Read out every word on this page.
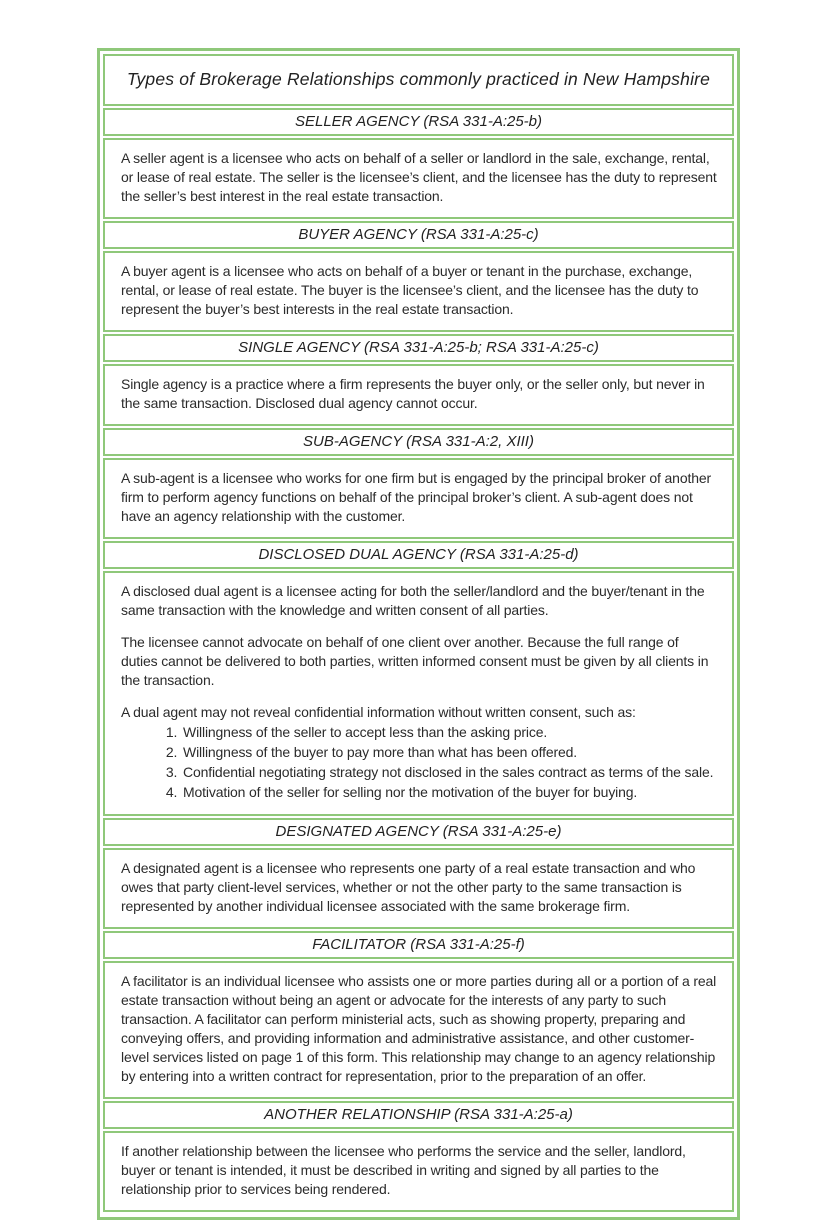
Types of Brokerage Relationships commonly practiced in New Hampshire
SELLER AGENCY (RSA 331-A:25-b)

A seller agent is a licensee who acts on behalf of a seller or landlord in the sale, exchange, rental, or lease of real estate. The seller is the licensee’s client, and the licensee has the duty to represent the seller’s best interest in the real estate transaction.

BUYER AGENCY (RSA 331-A:25-c)

A buyer agent is a licensee who acts on behalf of a buyer or tenant in the purchase, exchange, rental, or lease of real estate. The buyer is the licensee’s client, and the licensee has the duty to represent the buyer’s best interests in the real estate transaction.

SINGLE AGENCY (RSA 331-A:25-b; RSA 331-A:25-c)

Single agency is a practice where a firm represents the buyer only, or the seller only, but never in the same transaction. Disclosed dual agency cannot occur.

SUB-AGENCY (RSA 331-A:2, XIII)

A sub-agent is a licensee who works for one firm but is engaged by the principal broker of another firm to perform agency functions on behalf of the principal broker’s client. A sub-agent does not have an agency relationship with the customer.

DISCLOSED DUAL AGENCY (RSA 331-A:25-d)

A disclosed dual agent is a licensee acting for both the seller/landlord and the buyer/tenant in the same transaction with the knowledge and written consent of all parties.

The licensee cannot advocate on behalf of one client over another. Because the full range of duties cannot be delivered to both parties, written informed consent must be given by all clients in the transaction.

A dual agent may not reveal confidential information without written consent, such as:

1. Willingness of the seller to accept less than the asking price.
2. Willingness of the buyer to pay more than what has been offered.
3. Confidential negotiating strategy not disclosed in the sales contract as terms of the sale.
4. Motivation of the seller for selling nor the motivation of the buyer for buying.
DESIGNATED AGENCY (RSA 331-A:25-e)

A designated agent is a licensee who represents one party of a real estate transaction and who owes that party client-level services, whether or not the other party to the same transaction is represented by another individual licensee associated with the same brokerage firm.

FACILITATOR (RSA 331-A:25-f)

A facilitator is an individual licensee who assists one or more parties during all or a portion of a real estate transaction without being an agent or advocate for the interests of any party to such transaction. A facilitator can perform ministerial acts, such as showing property, preparing and conveying offers, and providing information and administrative assistance, and other customer-level services listed on page 1 of this form. This relationship may change to an agency relationship by entering into a written contract for representation, prior to the preparation of an offer.

ANOTHER RELATIONSHIP (RSA 331-A:25-a)

If another relationship between the licensee who performs the service and the seller, landlord, buyer or tenant is intended, it must be described in writing and signed by all parties to the relationship prior to services being rendered.
